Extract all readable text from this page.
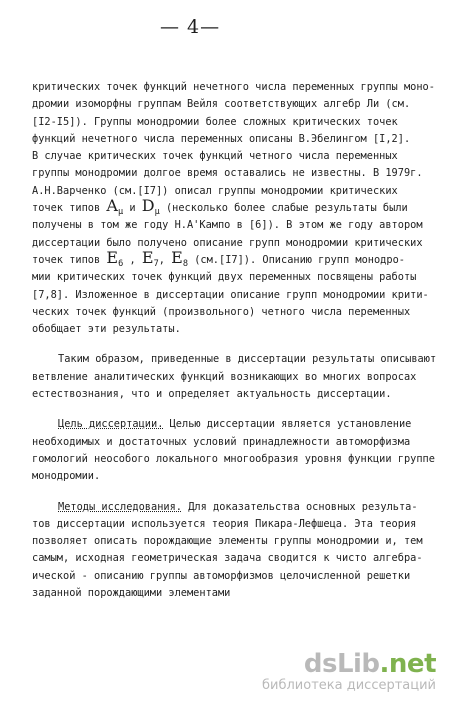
— 4—
критических точек функций нечетного числа переменных группы моно-
дромии изоморфны группам Вейля соответствующих алгебр Ли (см.
[I2-I5]). Группы монодромии более сложных критических точек
функций нечетного числа переменных описаны В.Эбелингом [I,2].
В случае критических точек функций четного числа переменных
группы монодромии долгое время оставались не известны. В 1979г.
А.Н.Варченко (см.[I7]) описал группы монодромии критических
точек типов $A_\mu$ и $D_\mu$ (несколько более слабые результаты были
получены в том же году Н.А'Кампо в [6]). В этом же году автором
диссертации было получено описание групп монодромии критических
точек типов $E_6$ , $E_7$, $E_8$ (см.[I7]). Описанию групп монодро-
мии критических точек функций двух переменных посвящены работы
[7,8]. Изложенное в диссертации описание групп монодромии крити-
ческих точек функций (произвольного) четного числа переменных
обобщает эти результаты.
Таким образом, приведенные в диссертации результаты описывают
ветвление аналитических функций возникающих во многих вопросах
естествознания, что и определяет актуальность диссертации.
Цель диссертации. Целью диссертации является установление
необходимых и достаточных условий принадлежности автоморфизма
гомологий неособого локального многообразия уровня функции группе
монодромии.
Методы исследования. Для доказательства основных результа-
тов диссертации используется теория Пикара-Лефшеца. Эта теория
позволяет описать порождающие элементы группы монодромии и, тем
самым, исходная геометрическая задача сводится к чисто алгебра-
ической - описанию группы автоморфизмов целочисленной решетки
заданной порождающими элементами
dsLib.net
библиотека диссертаций
